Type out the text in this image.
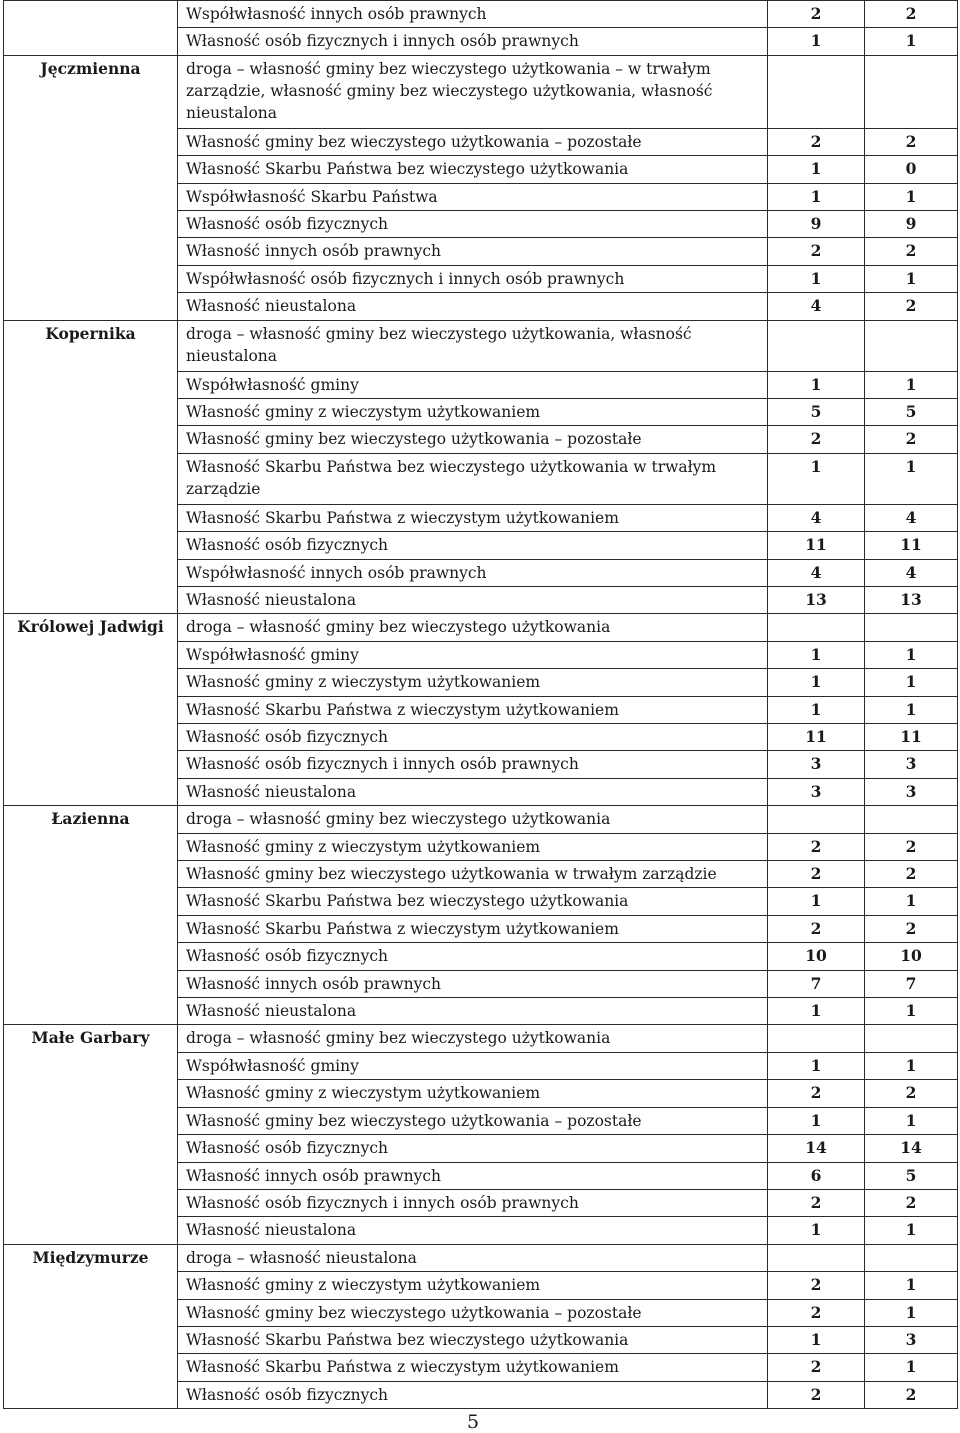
	Współwłasność innych osób prawnych	2	2
	Własność osób fizycznych i innych osób prawnych	1	1
Jęczmienna	droga – własność gminy bez wieczystego użytkowania – w trwałym zarządzie, własność gminy bez wieczystego użytkowania, własność nieustalona		
	Własność gminy bez wieczystego użytkowania – pozostałe	2	2
	Własność Skarbu Państwa bez wieczystego użytkowania	1	0
	Współwłasność Skarbu Państwa	1	1
	Własność osób fizycznych	9	9
	Własność innych osób prawnych	2	2
	Współwłasność osób fizycznych i innych osób prawnych	1	1
	Własność nieustalona	4	2
Kopernika	droga – własność gminy bez wieczystego użytkowania, własność nieustalona		
	Współwłasność gminy	1	1
	Własność gminy z wieczystym użytkowaniem	5	5
	Własność gminy bez wieczystego użytkowania – pozostałe	2	2
	Własność Skarbu Państwa bez wieczystego użytkowania w trwałym zarządzie	1	1
	Własność Skarbu Państwa z wieczystym użytkowaniem	4	4
	Własność osób fizycznych	11	11
	Współwłasność innych osób prawnych	4	4
	Własność nieustalona	13	13
Królowej Jadwigi	droga – własność gminy bez wieczystego użytkowania		
	Współwłasność gminy	1	1
	Własność gminy z wieczystym użytkowaniem	1	1
	Własność Skarbu Państwa z wieczystym użytkowaniem	1	1
	Własność osób fizycznych	11	11
	Własność osób fizycznych i innych osób prawnych	3	3
	Własność nieustalona	3	3
Łazienna	droga – własność gminy bez wieczystego użytkowania		
	Własność gminy z wieczystym użytkowaniem	2	2
	Własność gminy bez wieczystego użytkowania w trwałym zarządzie	2	2
	Własność Skarbu Państwa bez wieczystego użytkowania	1	1
	Własność Skarbu Państwa z wieczystym użytkowaniem	2	2
	Własność osób fizycznych	10	10
	Własność innych osób prawnych	7	7
	Własność nieustalona	1	1
Małe Garbary	droga – własność gminy bez wieczystego użytkowania		
	Współwłasność gminy	1	1
	Własność gminy z wieczystym użytkowaniem	2	2
	Własność gminy bez wieczystego użytkowania – pozostałe	1	1
	Własność osób fizycznych	14	14
	Własność innych osób prawnych	6	5
	Własność osób fizycznych i innych osób prawnych	2	2
	Własność nieustalona	1	1
Międzymurze	droga – własność nieustalona		
	Własność gminy z wieczystym użytkowaniem	2	1
	Własność gminy bez wieczystego użytkowania – pozostałe	2	1
	Własność Skarbu Państwa bez wieczystego użytkowania	1	3
	Własność Skarbu Państwa z wieczystym użytkowaniem	2	1
	Własność osób fizycznych	2	2
5
